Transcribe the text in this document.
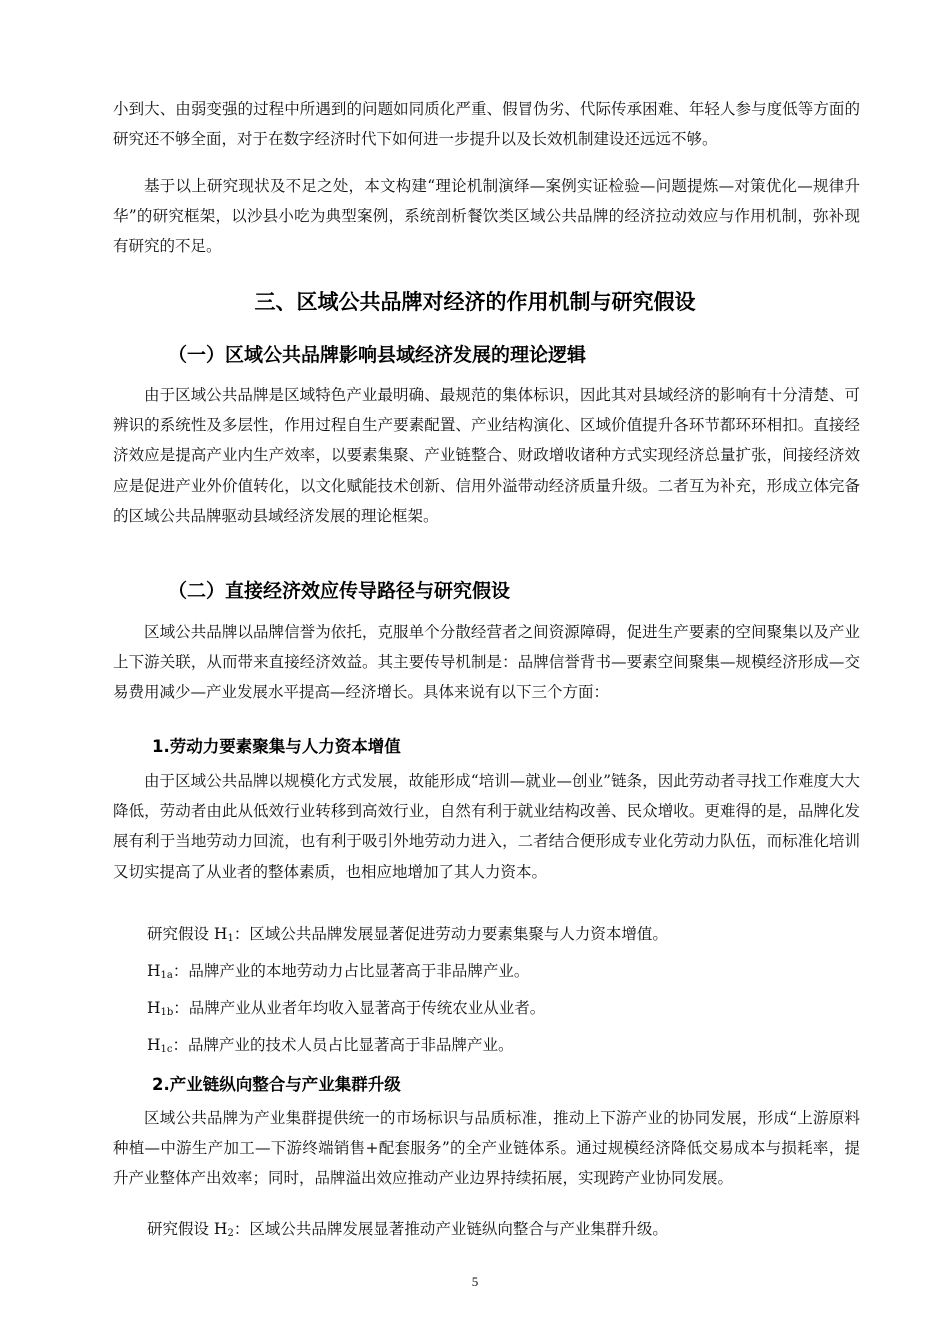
小到大、由弱变强的过程中所遇到的问题如同质化严重、假冒伪劣、代际传承困难、年轻人参与度低等方面的研究还不够全面，对于在数字经济时代下如何进一步提升以及长效机制建设还远远不够。

基于以上研究现状及不足之处，本文构建“理论机制演绎—案例实证检验—问题提炼—对策优化—规律升华”的研究框架，以沙县小吃为典型案例，系统剖析餐饮类区域公共品牌的经济拉动效应与作用机制，弥补现有研究的不足。

三、区域公共品牌对经济的作用机制与研究假设
（一）区域公共品牌影响县域经济发展的理论逻辑

由于区域公共品牌是区域特色产业最明确、最规范的集体标识，因此其对县域经济的影响有十分清楚、可辨识的系统性及多层性，作用过程自生产要素配置、产业结构演化、区域价值提升各环节都环环相扣。直接经济效应是提高产业内生产效率，以要素集聚、产业链整合、财政增收诸种方式实现经济总量扩张，间接经济效应是促进产业外价值转化，以文化赋能技术创新、信用外溢带动经济质量升级。二者互为补充，形成立体完备的区域公共品牌驱动县域经济发展的理论框架。

（二）直接经济效应传导路径与研究假设

区域公共品牌以品牌信誉为依托，克服单个分散经营者之间资源障碍，促进生产要素的空间聚集以及产业上下游关联，从而带来直接经济效益。其主要传导机制是：品牌信誉背书—要素空间聚集—规模经济形成—交易费用减少—产业发展水平提高—经济增长。具体来说有以下三个方面：

1.劳动力要素聚集与人力资本增值

由于区域公共品牌以规模化方式发展，故能形成“培训—就业—创业”链条，因此劳动者寻找工作难度大大降低，劳动者由此从低效行业转移到高效行业，自然有利于就业结构改善、民众增收。更难得的是，品牌化发展有利于当地劳动力回流，也有利于吸引外地劳动力进入，二者结合便形成专业化劳动力队伍，而标准化培训又切实提高了从业者的整体素质，也相应地增加了其人力资本。

研究假设 $H_1$：区域公共品牌发展显著促进劳动力要素集聚与人力资本增值。

$H_{1a}$：品牌产业的本地劳动力占比显著高于非品牌产业。

$H_{1b}$：品牌产业从业者年均收入显著高于传统农业从业者。

$H_{1c}$：品牌产业的技术人员占比显著高于非品牌产业。

2.产业链纵向整合与产业集群升级

区域公共品牌为产业集群提供统一的市场标识与品质标准，推动上下游产业的协同发展，形成“上游原料种植—中游生产加工—下游终端销售+配套服务”的全产业链体系。通过规模经济降低交易成本与损耗率，提升产业整体产出效率；同时，品牌溢出效应推动产业边界持续拓展，实现跨产业协同发展。

研究假设 $H_2$：区域公共品牌发展显著推动产业链纵向整合与产业集群升级。

5
